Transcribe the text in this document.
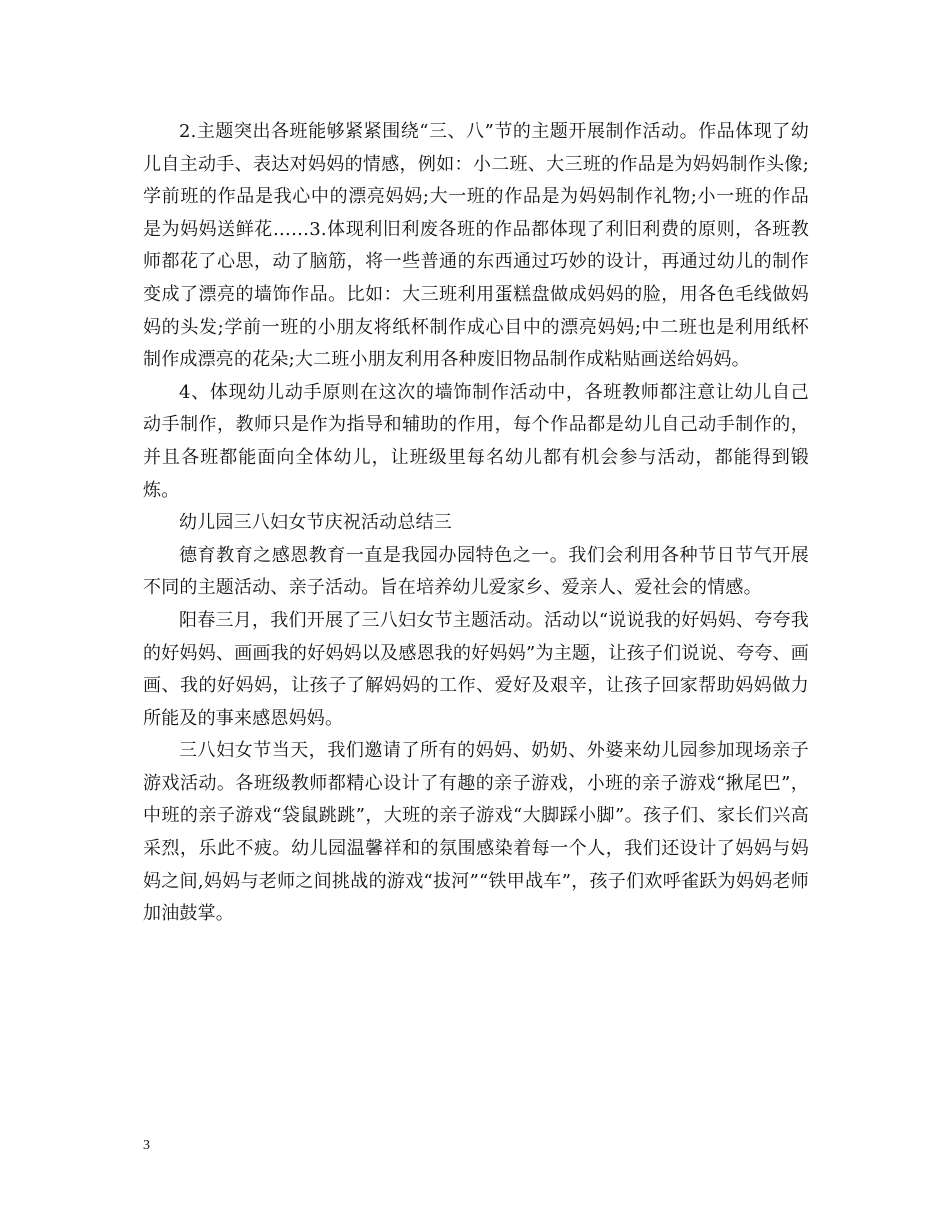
2.主题突出各班能够紧紧围绕“三、八”节的主题开展制作活动。作品体现了幼儿自主动手、表达对妈妈的情感，例如：小二班、大三班的作品是为妈妈制作头像;学前班的作品是我心中的漂亮妈妈;大一班的作品是为妈妈制作礼物;小一班的作品是为妈妈送鲜花……3.体现利旧利废各班的作品都体现了利旧利费的原则，各班教师都花了心思，动了脑筋，将一些普通的东西通过巧妙的设计，再通过幼儿的制作变成了漂亮的墙饰作品。比如：大三班利用蛋糕盘做成妈妈的脸，用各色毛线做妈妈的头发;学前一班的小朋友将纸杯制作成心目中的漂亮妈妈;中二班也是利用纸杯制作成漂亮的花朵;大二班小朋友利用各种废旧物品制作成粘贴画送给妈妈。

4、体现幼儿动手原则在这次的墙饰制作活动中，各班教师都注意让幼儿自己动手制作，教师只是作为指导和辅助的作用，每个作品都是幼儿自己动手制作的，并且各班都能面向全体幼儿，让班级里每名幼儿都有机会参与活动，都能得到锻炼。

幼儿园三八妇女节庆祝活动总结三

德育教育之感恩教育一直是我园办园特色之一。我们会利用各种节日节气开展不同的主题活动、亲子活动。旨在培养幼儿爱家乡、爱亲人、爱社会的情感。

阳春三月，我们开展了三八妇女节主题活动。活动以“说说我的好妈妈、夸夸我的好妈妈、画画我的好妈妈以及感恩我的好妈妈”为主题，让孩子们说说、夸夸、画画、我的好妈妈，让孩子了解妈妈的工作、爱好及艰辛，让孩子回家帮助妈妈做力所能及的事来感恩妈妈。

三八妇女节当天，我们邀请了所有的妈妈、奶奶、外婆来幼儿园参加现场亲子游戏活动。各班级教师都精心设计了有趣的亲子游戏，小班的亲子游戏“揪尾巴”，中班的亲子游戏“袋鼠跳跳”，大班的亲子游戏“大脚踩小脚”。孩子们、家长们兴高采烈，乐此不疲。幼儿园温馨祥和的氛围感染着每一个人，我们还设计了妈妈与妈妈之间,妈妈与老师之间挑战的游戏“拔河”“铁甲战车”，孩子们欢呼雀跃为妈妈老师加油鼓掌。

3
